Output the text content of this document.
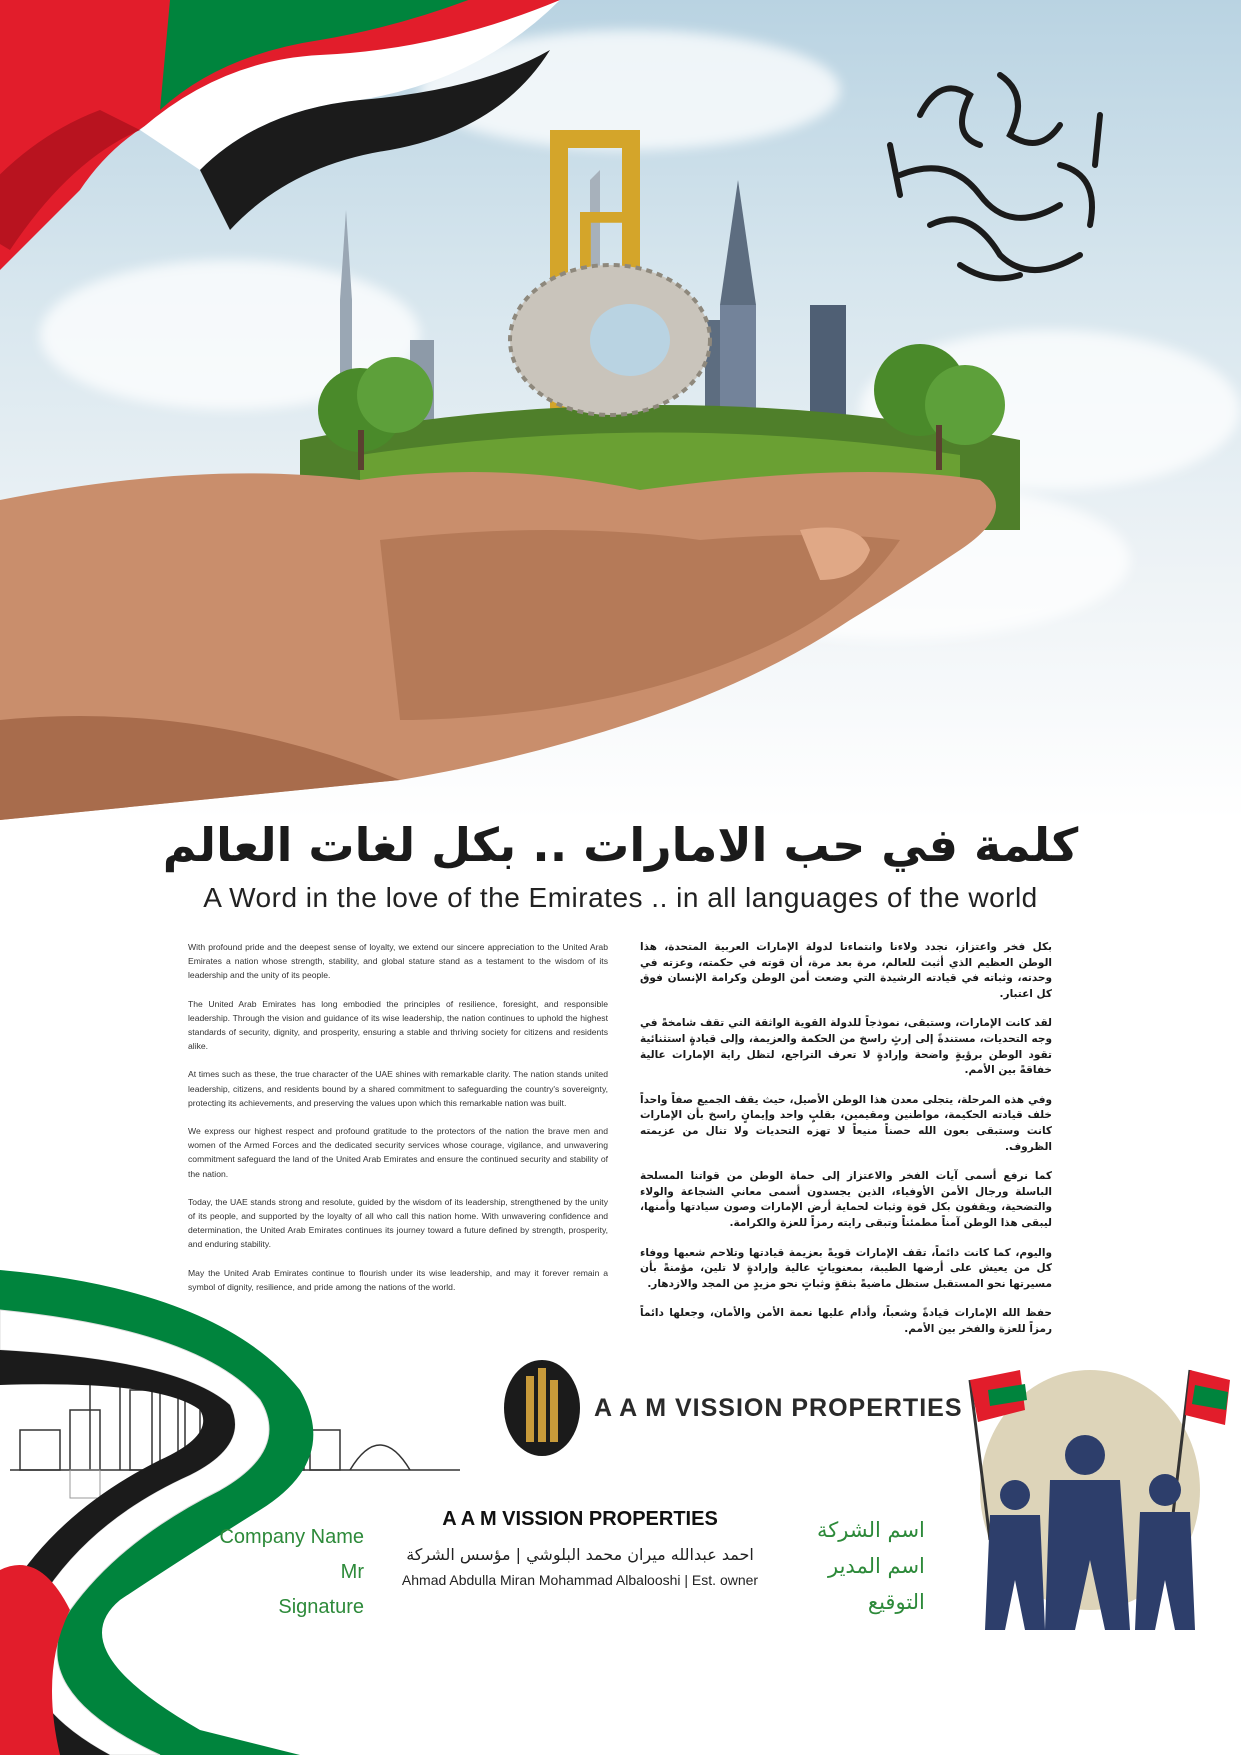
كلمة في حب الامارات .. بكل لغات العالم
A Word in the love of the Emirates .. in all languages of the world

With profound pride and the deepest sense of loyalty, we extend our sincere appreciation to the United Arab Emirates a nation whose strength, stability, and global stature stand as a testament to the wisdom of its leadership and the unity of its people.

The United Arab Emirates has long embodied the principles of resilience, foresight, and responsible leadership. Through the vision and guidance of its wise leadership, the nation continues to uphold the highest standards of security, dignity, and prosperity, ensuring a stable and thriving society for citizens and residents alike.

At times such as these, the true character of the UAE shines with remarkable clarity. The nation stands united leadership, citizens, and residents bound by a shared commitment to safeguarding the country's sovereignty, protecting its achievements, and preserving the values upon which this remarkable nation was built.

We express our highest respect and profound gratitude to the protectors of the nation the brave men and women of the Armed Forces and the dedicated security services whose courage, vigilance, and unwavering commitment safeguard the land of the United Arab Emirates and ensure the continued security and stability of the nation.

Today, the UAE stands strong and resolute, guided by the wisdom of its leadership, strengthened by the unity of its people, and supported by the loyalty of all who call this nation home. With unwavering confidence and determination, the United Arab Emirates continues its journey toward a future defined by strength, prosperity, and enduring stability.

May the United Arab Emirates continue to flourish under its wise leadership, and may it forever remain a symbol of dignity, resilience, and pride among the nations of the world.

بكل فخر واعتزاز، نجدد ولاءنا وانتماءنا لدولة الإمارات العربية المتحدة، هذا الوطن العظيم الذي أثبت للعالم، مرة بعد مرة، أن قوته في حكمته، وعزته في وحدته، وثباته في قيادته الرشيدة التي وضعت أمن الوطن وكرامة الإنسان فوق كل اعتبار.

لقد كانت الإمارات، وستبقى، نموذجاً للدولة القوية الواثقة التي تقف شامخةً في وجه التحديات، مستندةً إلى إرثٍ راسخ من الحكمة والعزيمة، وإلى قيادةٍ استثنائية تقود الوطن برؤيةٍ واضحة وإرادةٍ لا تعرف التراجع، لتظل راية الإمارات عالية خفاقةً بين الأمم.

وفي هذه المرحلة، يتجلى معدن هذا الوطن الأصيل، حيث يقف الجميع صفاً واحداً خلف قيادته الحكيمة، مواطنين ومقيمين، بقلبٍ واحد وإيمانٍ راسخ بأن الإمارات كانت وستبقى بعون الله حصناً منيعاً لا تهزه التحديات ولا تنال من عزيمته الظروف.

كما نرفع أسمى آيات الفخر والاعتزاز إلى حماة الوطن من قواتنا المسلحة الباسلة ورجال الأمن الأوفياء، الذين يجسدون أسمى معاني الشجاعة والولاء والتضحية، ويقفون بكل قوة وثبات لحماية أرض الإمارات وصون سيادتها وأمنها، ليبقى هذا الوطن آمناً مطمئناً وتبقى رايته رمزاً للعزة والكرامة.

واليوم، كما كانت دائماً، تقف الإمارات قويةً بعزيمة قيادتها وتلاحم شعبها ووفاء كل من يعيش على أرضها الطيبة، بمعنوياتٍ عالية وإرادةٍ لا تلين، مؤمنةً بأن مسيرتها نحو المستقبل ستظل ماضيةً بثقةٍ وثباتٍ نحو مزيدٍ من المجد والازدهار.

حفظ الله الإمارات قيادةً وشعباً، وأدام عليها نعمة الأمن والأمان، وجعلها دائماً رمزاً للعزة والفخر بين الأمم.

A A M VISSION PROPERTIES
A A M VISSION PROPERTIES
احمد عبدالله ميران محمد البلوشي | مؤسس الشركة
Ahmad Abdulla Miran Mohammad Albalooshi | Est. owner
Company Name
Mr
Signature
اسم الشركة
اسم المدير
التوقيع
